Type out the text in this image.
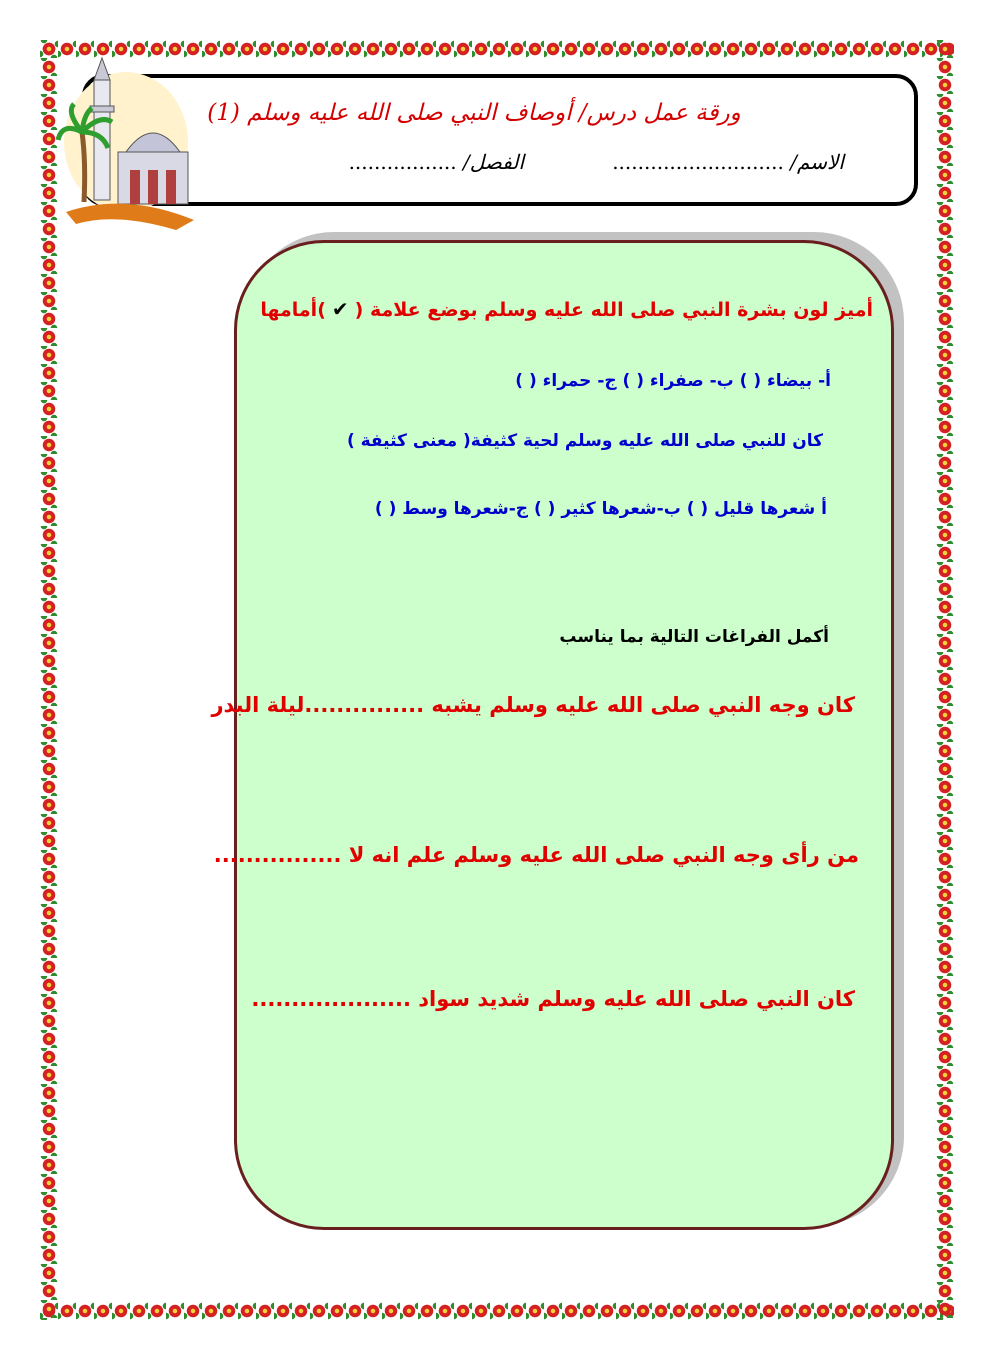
ورقة عمل درس/ أوصاف النبي صلى الله عليه وسلم (1)
الاسم/ ...........................
الفصل/ .................
أميز لون بشرة النبي صلى الله عليه وسلم بوضع علامة (✔)أمامها
أ- بيضاء ( ) ب- صفراء ( ) ج- حمراء ( )
كان للنبي صلى الله عليه وسلم لحية كثيفة( معنى كثيفة )
أ شعرها قليل ( ) ب-شعرها كثير ( ) ج-شعرها وسط ( )
أكمل الفراغات التالية بما يناسب
كان وجه النبي صلى الله عليه وسلم يشبه ...............ليلة البدر
من رأى وجه النبي صلى الله عليه وسلم علم انه لا ................
كان النبي صلى الله عليه وسلم شديد سواد ....................
